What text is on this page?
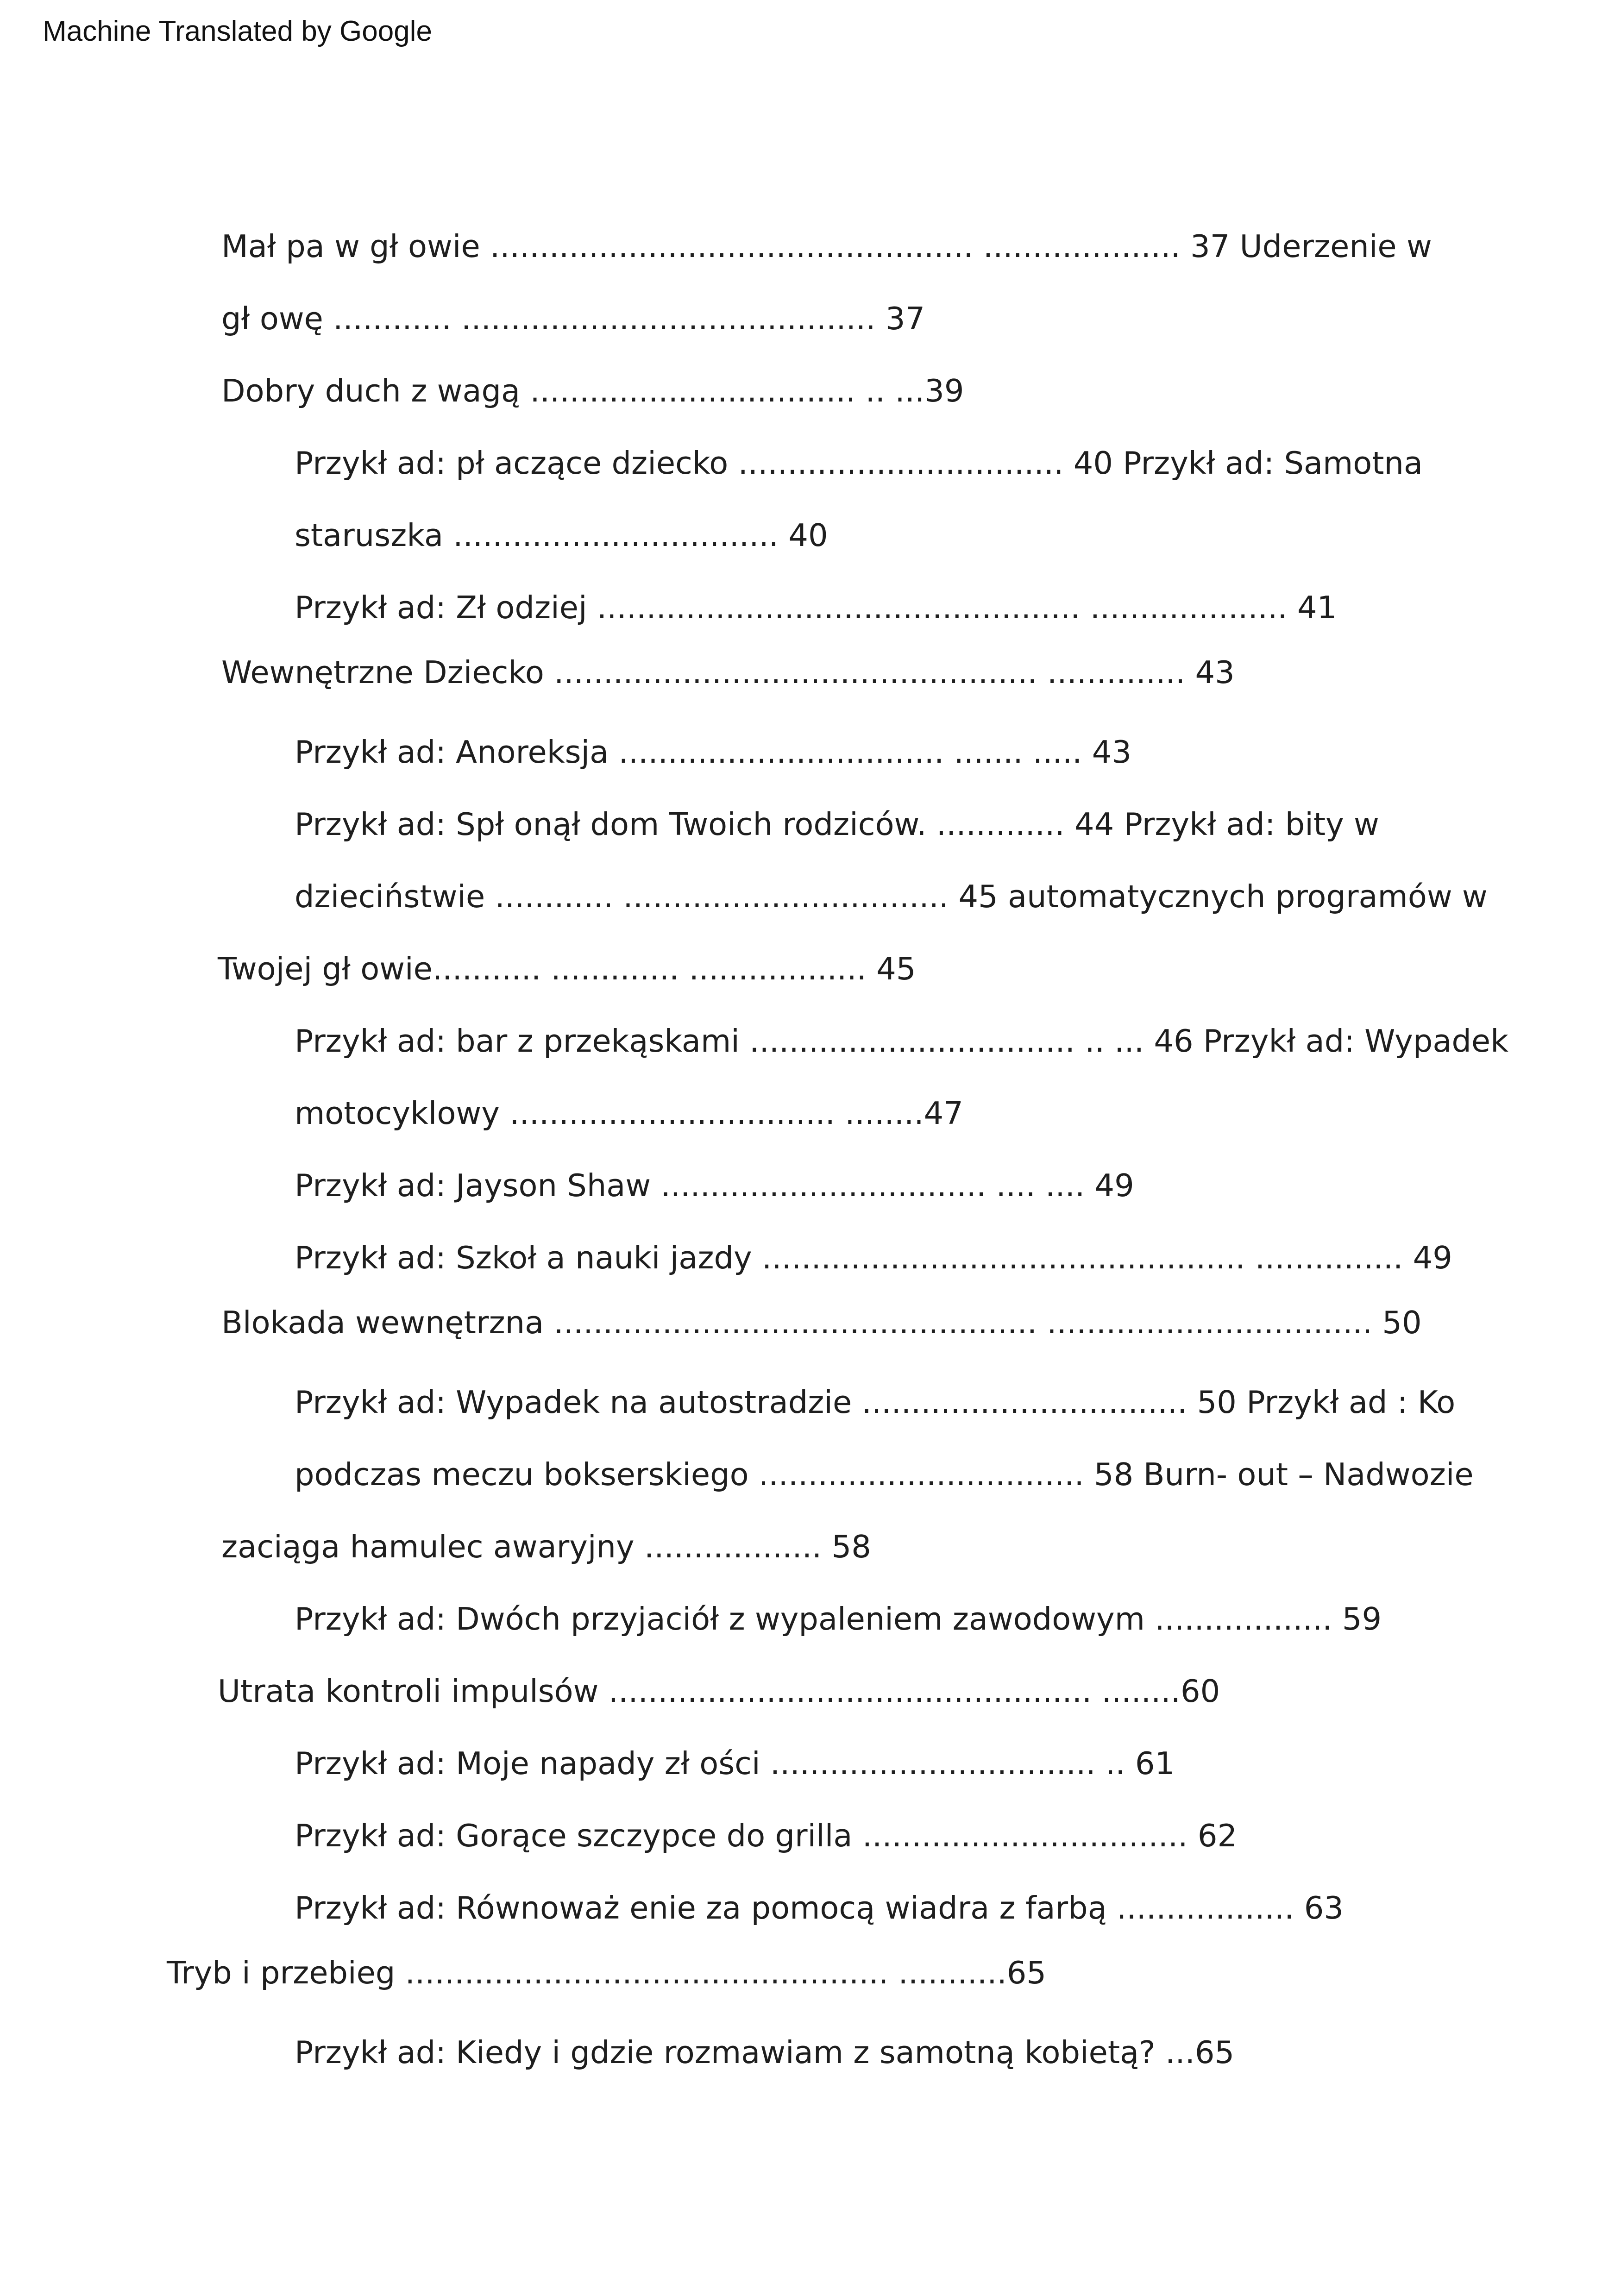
Machine Translated by Google

Mał pa w gł owie ................................................. .................... 37 Uderzenie w
gł owę ............ .......................................... 37
Dobry duch z wagą ................................. .. ...39
Przykł ad: pł aczące dziecko ................................. 40 Przykł ad: Samotna
staruszka ................................. 40
Przykł ad: Zł odziej ................................................. .................... 41
Wewnętrzne Dziecko ................................................. .............. 43
Przykł ad: Anoreksja ................................. ....... ..... 43
Przykł ad: Spł onął dom Twoich rodziców. ............. 44 Przykł ad: bity w
dzieciństwie ............ ................................. 45 automatycznych programów w
Twojej gł owie........... ............. .................. 45
Przykł ad: bar z przekąskami ................................. .. ... 46 Przykł ad: Wypadek
motocyklowy ................................. ........47
Przykł ad: Jayson Shaw ................................. .... .... 49
Przykł ad: Szkoł a nauki jazdy ................................................. ............... 49
Blokada wewnętrzna ................................................. ................................. 50
Przykł ad: Wypadek na autostradzie ................................. 50 Przykł ad : Ko
podczas meczu bokserskiego ................................. 58 Burn- out – Nadwozie
zaciąga hamulec awaryjny .................. 58
Przykł ad: Dwóch przyjaciół z wypaleniem zawodowym .................. 59
Utrata kontroli impulsów ................................................. ........60
Przykł ad: Moje napady zł ości ................................. .. 61
Przykł ad: Gorące szczypce do grilla ................................. 62
Przykł ad: Równoważ enie za pomocą wiadra z farbą .................. 63
Tryb i przebieg ................................................. ...........65
Przykł ad: Kiedy i gdzie rozmawiam z samotną kobietą? ...65
